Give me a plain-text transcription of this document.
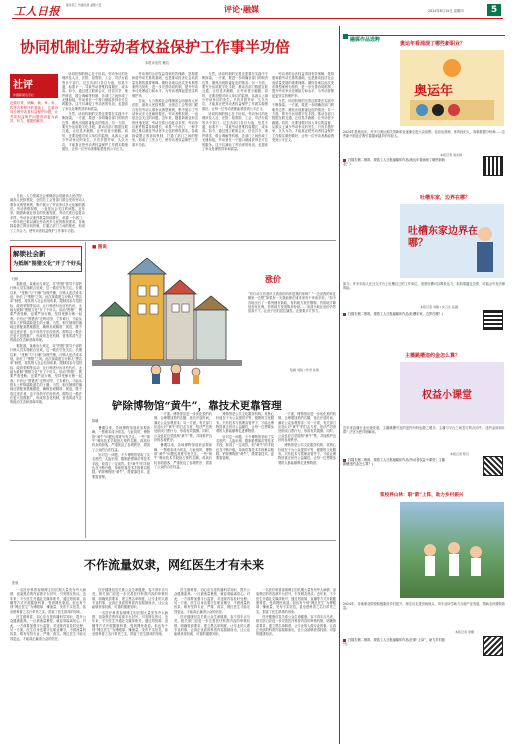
工人日报 服务职工 传播发展 凝聚力量	评论·融媒	2024年8月15日 星期四	5
协同机制让劳动者权益保护工作事半功倍
本报评论员 赖拉
社评
中国新闻名专栏
在做好采、调解、裁、审、诉、执等各种程序的基础上，注重协同办理劳动者权益保护问题，让劳动权益保护问题得到更为高效、有力、便捷的解决。

日前，人力资源社会保障部会同最高人民法院、最高人民检察院、全国总工会等部门联合发布劳动人事争议典型案例，集中展示了劳动争议多元化解的做法。劳动者维权难，一直是社会关注的问题。近年来，随着新就业形态的快速发展，劳动关系日趋复杂多样，劳动争议案件数量持续增长，单靠一个部门、一种手段已难以满足劳动者多元化的维权需求。各地探索建立的协同机制，打通了部门之间的壁垒，形成了工作合力，使劳动者权益保护工作事半功倍。

协同机制的核心在于协同。劳动争议的处理涉及人社、法院、检察院、工会、司法行政等多个部门，过去各部门各自为战，信息不通、标准不一，导致劳动者维权周期长、成本高。如今，通过建立联席会议、信息共享、案件移送、联合调解等机制，各部门之间形成了无缝衔接，劳动者在一个窗口就能获得全方位的服务。这不仅减轻了劳动者的负担，也提高了争议处理的效率和质量。

当然，协同机制的完善还需要在实践中不断探索。一方面，要进一步明确各部门的职责边界，避免出现推诿扯皮的情况；另一方面，要充分运用数字化手段，推动各部门数据互联互通，让信息多跑路，让劳动者少跑腿。同时，还要加强对用人单位的监督，从源头上减少劳动争议的发生。只有多措并举、久久为功，才能真正把劳动者权益保护工作做实做细做好，让每一位劳动者都能感受到公平正义。

劳动者的合法权益得到有效保障，是构建和谐劳动关系的基础，也是推动经济社会高质量发展的重要保障。期待各地以此次发布典型案例为契机，进一步完善协同机制，提升劳动争议处理能力和水平，为劳动者撑起更坚实的保护伞。

日前，人力资源社会保障部会同最高人民法院、最高人民检察院、全国总工会等部门联合发布劳动人事争议典型案例，集中展示了劳动争议多元化解的做法。劳动者维权难，一直是社会关注的问题。近年来，随着新就业形态的快速发展，劳动关系日趋复杂多样，劳动争议案件数量持续增长，单靠一个部门、一种手段已难以满足劳动者多元化的维权需求。各地探索建立的协同机制，打通了部门之间的壁垒，形成了工作合力，使劳动者权益保护工作事半功倍。

当然，协同机制的完善还需要在实践中不断探索。一方面，要进一步明确各部门的职责边界，避免出现推诿扯皮的情况；另一方面，要充分运用数字化手段，推动各部门数据互联互通，让信息多跑路，让劳动者少跑腿。同时，还要加强对用人单位的监督，从源头上减少劳动争议的发生。只有多措并举、久久为功，才能真正把劳动者权益保护工作做实做细做好，让每一位劳动者都能感受到公平正义。

协同机制的核心在于协同。劳动争议的处理涉及人社、法院、检察院、工会、司法行政等多个部门，过去各部门各自为战，信息不通、标准不一，导致劳动者维权周期长、成本高。如今，通过建立联席会议、信息共享、案件移送、联合调解等机制，各部门之间形成了无缝衔接，劳动者在一个窗口就能获得全方位的服务。这不仅减轻了劳动者的负担，也提高了争议处理的效率和质量。

劳动者的合法权益得到有效保障，是构建和谐劳动关系的基础，也是推动经济社会高质量发展的重要保障。期待各地以此次发布典型案例为契机，进一步完善协同机制，提升劳动争议处理能力和水平，为劳动者撑起更坚实的保护伞。

当然，协同机制的完善还需要在实践中不断探索。一方面，要进一步明确各部门的职责边界，避免出现推诿扯皮的情况；另一方面，要充分运用数字化手段，推动各部门数据互联互通，让信息多跑路，让劳动者少跑腿。同时，还要加强对用人单位的监督，从源头上减少劳动争议的发生。只有多措并举、久久为功，才能真正把劳动者权益保护工作做实做细做好，让每一位劳动者都能感受到公平正义。

解锁社会新
为抵制“围猎文化”开了个好头
杜帆

据报道，某地出台规定，对“围猎”领导干部的行贿人员实施联合惩戒，这一做法引发关注。长期以来，“受贿”与“行贿”处理失衡，行贿人违法成本低，助长了“围猎”之风。此次探索建立行贿人“黑名单”制度，将其纳入社会信用体系，限制其参与招投标、政府采购等活动，让行贿者付出应有代价，无疑为抵制“围猎文化”开了个好头。惩治“围猎”，既要严查受贿，也要严惩行贿，坚持受贿行贿一起查。只有让“围猎者”无利可图、寸步难行，才能从根本上铲除腐败滋生的土壤。当然，相关制度的落地还需配套措施跟进，确保惩戒精准、规范，既不放过违法者，也不误伤守法经营者。期待这一做法在更大范围推广，形成常态化机制，营造风清气正的政治生态和营商环境。

据报道，某地出台规定，对“围猎”领导干部的行贿人员实施联合惩戒，这一做法引发关注。长期以来，“受贿”与“行贿”处理失衡，行贿人违法成本低，助长了“围猎”之风。此次探索建立行贿人“黑名单”制度，将其纳入社会信用体系，限制其参与招投标、政府采购等活动，让行贿者付出应有代价，无疑为抵制“围猎文化”开了个好头。惩治“围猎”，既要严查受贿，也要严惩行贿，坚持受贿行贿一起查。只有让“围猎者”无利可图、寸步难行，才能从根本上铲除腐败滋生的土壤。当然，相关制度的落地还需配套措施跟进，确保惩戒精准、规范，既不放过违法者，也不误伤守法经营者。期待这一做法在更大范围推广，形成常态化机制，营造风清气正的政治生态和营商环境。

■ 图说
涨价
“有行动又有意识又看房价的你是我的家吗？”一边说我的家在哪里一边想“如果有一天我能够在城市里有个家该多好。”如今各地出台了一系列楼市新政，有的地方放开限购，有的地方降低首付比例，有的地方发放购房补贴……但部分地区房价仍然居高不下。让房子回归居住属性，还需要多方努力。
绘画 刘锐 / 作者 沈建
铲除博物馆“黄牛”，靠技术更靠管理
陈曦

暑期以来，各地博物馆迎来参观高峰，一票难求成为常态。与此同时，博物馆“黄牛”问题也再度引发关注。一些“黄牛”利用技术手段抢占预约名额，再高价转卖给游客，严重扰乱了参观秩序，损害了公众的合法权益。

针对这一问题，不少博物馆采取了实名预约、人脸识别、限制抢票频次等技术手段，取得了一定成效。但“黄牛”的手段也在不断升级，单纯依靠技术手段难以根除。铲除博物馆“黄牛”，既要靠技术，更要靠管理。

一方面，博物馆应进一步优化预约机制，合理增加预约名额，延长开放时间，满足公众参观需求；另一方面，有关部门应加大对“黄牛”的打击力度，依法严厉查处倒卖门票行为，形成有效震慑。同时，公众也应自觉抵制“黄牛”票，共同维护良好的参观秩序。

暑期以来，各地博物馆迎来参观高峰，一票难求成为常态。与此同时，博物馆“黄牛”问题也再度引发关注。一些“黄牛”利用技术手段抢占预约名额，再高价转卖给游客，严重扰乱了参观秩序，损害了公众的合法权益。

博物馆是公共文化服务机构，其核心价值在于为公众提供平等、便捷的文化服务。只有技术与管理双管齐下，才能让博物馆真正回归公益属性，让每一位想要参观的人都能顺利走进博物馆。

针对这一问题，不少博物馆采取了实名预约、人脸识别、限制抢票频次等技术手段，取得了一定成效。但“黄牛”的手段也在不断升级，单纯依靠技术手段难以根除。铲除博物馆“黄牛”，既要靠技术，更要靠管理。

一方面，博物馆应进一步优化预约机制，合理增加预约名额，延长开放时间，满足公众参观需求；另一方面，有关部门应加大对“黄牛”的打击力度，依法严厉查处倒卖门票行为，形成有效震慑。同时，公众也应自觉抵制“黄牛”票，共同维护良好的参观秩序。

博物馆是公共文化服务机构，其核心价值在于为公众提供平等、便捷的文化服务。只有技术与管理双管齐下，才能让博物馆真正回归公益属性，让每一位想要参观的人都能顺利走进博物馆。

不作流量奴隶，网红医生才有未来
张弛

一名医疗科普视频博主因长期大量发布夸大病情、渲染焦虑的内容被平台封号，引发网友热议。近年来，不少医生开通社交媒体账号，通过短视频、直播等方式开展健康科普，受到网民欢迎。但也有个别“网红医生”为博眼球、赚流量，发布不实信息，甚至借科普之名行带货之实，损害了医生群体的形象。

医生做科普，初心应当是传播科学知识、提升公众健康素养。一旦被流量裹挟，就容易偏离初心。对此，一方面要加强平台监管，对违规内容及时处理；另一方面，医生自身也要守住职业操守，不做流量的奴隶。唯有坚持专业、严谨、真实，网红医生才能走得更远，才能真正赢得公众的信任。

医疗健康信息关系公众生命健康，容不得半点马虎。相关部门应进一步完善医疗科普内容的审核机制，明确资质要求，建立黑名单制度，让专业的人做专业的事，让真正优质的科普内容脱颖而出，让公众能够获得权威、可靠的健康知识。

一名医疗科普视频博主因长期大量发布夸大病情、渲染焦虑的内容被平台封号，引发网友热议。近年来，不少医生开通社交媒体账号，通过短视频、直播等方式开展健康科普，受到网民欢迎。但也有个别“网红医生”为博眼球、赚流量，发布不实信息，甚至借科普之名行带货之实，损害了医生群体的形象。

医生做科普，初心应当是传播科学知识、提升公众健康素养。一旦被流量裹挟，就容易偏离初心。对此，一方面要加强平台监管，对违规内容及时处理；另一方面，医生自身也要守住职业操守，不做流量的奴隶。唯有坚持专业、严谨、真实，网红医生才能走得更远，才能真正赢得公众的信任。

医疗健康信息关系公众生命健康，容不得半点马虎。相关部门应进一步完善医疗科普内容的审核机制，明确资质要求，建立黑名单制度，让专业的人做专业的事，让真正优质的科普内容脱颖而出，让公众能够获得权威、可靠的健康知识。

一名医疗科普视频博主因长期大量发布夸大病情、渲染焦虑的内容被平台封号，引发网友热议。近年来，不少医生开通社交媒体账号，通过短视频、直播等方式开展健康科普，受到网民欢迎。但也有个别“网红医生”为博眼球、赚流量，发布不实信息，甚至借科普之名行带货之实，损害了医生群体的形象。

医疗健康信息关系公众生命健康，容不得半点马虎。相关部门应进一步完善医疗科普内容的审核机制，明确资质要求，建立黑名单制度，让专业的人做专业的事，让真正优质的科普内容脱颖而出，让公众能够获得权威、可靠的健康知识。

融媒作品选粹
奥运年看涌现了哪些新职业？
奥运年
2024年是奥运年，许多与奥运相关的新职业逐渐走进大众视野。电竞运营师、体育经纪人、赛事数据分析师……这些新兴职业正吸引着越来越多的年轻人。
本报记者 刘友锋
扫描右侧二维码，观看工人日报融媒体作品(奥运年看涌现了哪些新职业？)
吐槽东家，边界在哪？
吐槽东家边界在哪？
如今，许多年轻人在社交平台上吐槽自己的工作单位。适度吐槽可以释放压力，但如果越过边界，可能会引发法律风险。
本报记者 刘静 / 实习生 张越
扫描右侧二维码，观看工人日报融媒体作品(吐槽东家，边界在哪？)
主播跳槽违约金怎么算？
权益小课堂
近年来直播行业迅速发展，主播跳槽引发的违约纠纷也随之增多。主播与平台之间签订的合同中，违约金如何计算？法官为您详细解读。
本报记者 陈丹
扫描右侧二维码，观看工人日报融媒体作品(劳动者权益小课堂丨主播跳槽违约金怎么算？)
浆校养山林：职“箭”上阵，助力乡村振兴
2024年，各地职业院校积极服务乡村振兴，师生们走进田间地头，用专业所学助力当地产业发展，帮助农民增收致富。
本报记者 李娜
扫描右侧二维码，观看工人日报融媒体作品(在职“上岗”，助力乡村振兴)
